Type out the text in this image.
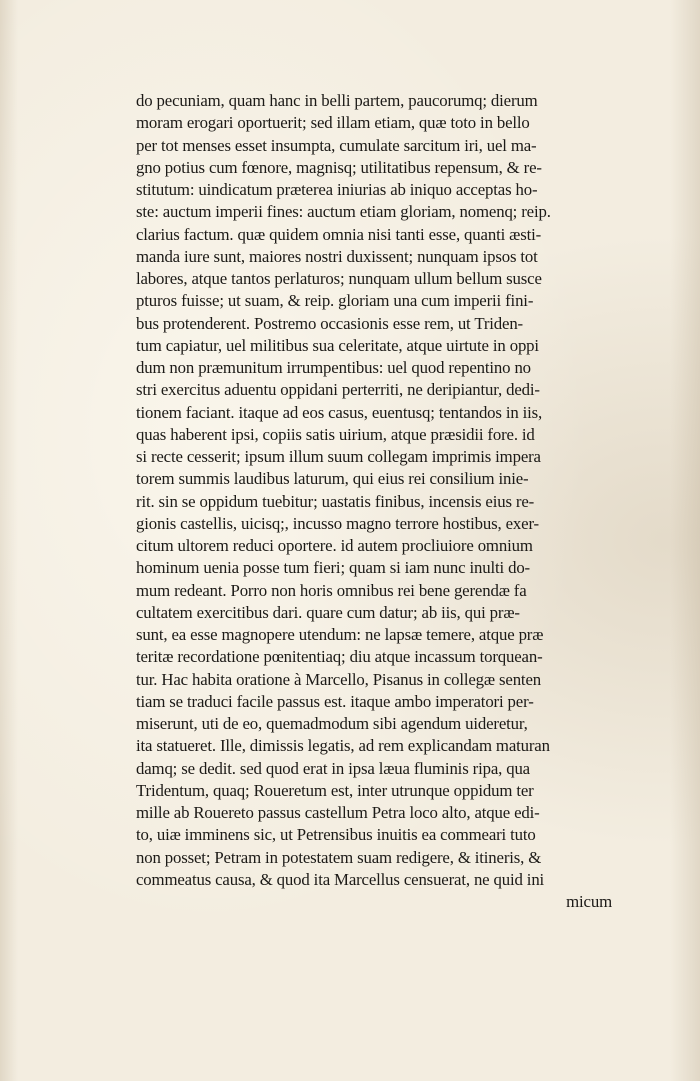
do pecuniam, quam hanc in belli partem, paucorumq; dierum
moram erogari oportuerit; sed illam etiam, quæ toto in bello
per tot menses esset insumpta, cumulate sarcitum iri, uel ma-
gno potius cum fœnore, magnisq; utilitatibus repensum, & re-
stitutum: uindicatum præterea iniurias ab iniquo acceptas ho-
ste: auctum imperii fines: auctum etiam gloriam, nomenq; reip.
clarius factum. quæ quidem omnia nisi tanti esse, quanti æsti-
manda iure sunt, maiores nostri duxissent; nunquam ipsos tot
labores, atque tantos perlaturos; nunquam ullum bellum susce
pturos fuisse; ut suam, & reip. gloriam una cum imperii fini-
bus protenderent. Postremo occasionis esse rem, ut Triden-
tum capiatur, uel militibus sua celeritate, atque uirtute in oppi
dum non præmunitum irrumpentibus: uel quod repentino no
stri exercitus aduentu oppidani perterriti, ne deripiantur, dedi-
tionem faciant. itaque ad eos casus, euentusq; tentandos in iis,
quas haberent ipsi, copiis satis uirium, atque præsidii fore. id
si recte cesserit; ipsum illum suum collegam imprimis impera
torem summis laudibus laturum, qui eius rei consilium inie-
rit. sin se oppidum tuebitur; uastatis finibus, incensis eius re-
gionis castellis, uicisq;, incusso magno terrore hostibus, exer-
citum ultorem reduci oportere. id autem procliuiore omnium
hominum uenia posse tum fieri; quam si iam nunc inulti do-
mum redeant. Porro non horis omnibus rei bene gerendæ fa
cultatem exercitibus dari. quare cum datur; ab iis, qui præ-
sunt, ea esse magnopere utendum: ne lapsæ temere, atque præ
teritæ recordatione pœnitentiaq; diu atque incassum torquean-
tur. Hac habita oratione à Marcello, Pisanus in collegæ senten
tiam se traduci facile passus est. itaque ambo imperatori per-
miserunt, uti de eo, quemadmodum sibi agendum uideretur,
ita statueret. Ille, dimissis legatis, ad rem explicandam maturan
damq; se dedit. sed quod erat in ipsa læua fluminis ripa, qua
Tridentum, quaq; Roueretum est, inter utrunque oppidum ter
mille ab Roueretο passus castellum Petra loco alto, atque edi-
to, uiæ imminens sic, ut Petrensibus inuitis ea commeari tuto
non posset; Petram in potestatem suam redigere, & itineris, &
commeatus causa, & quod ita Marcellus censuerat, ne quid ini
micum
